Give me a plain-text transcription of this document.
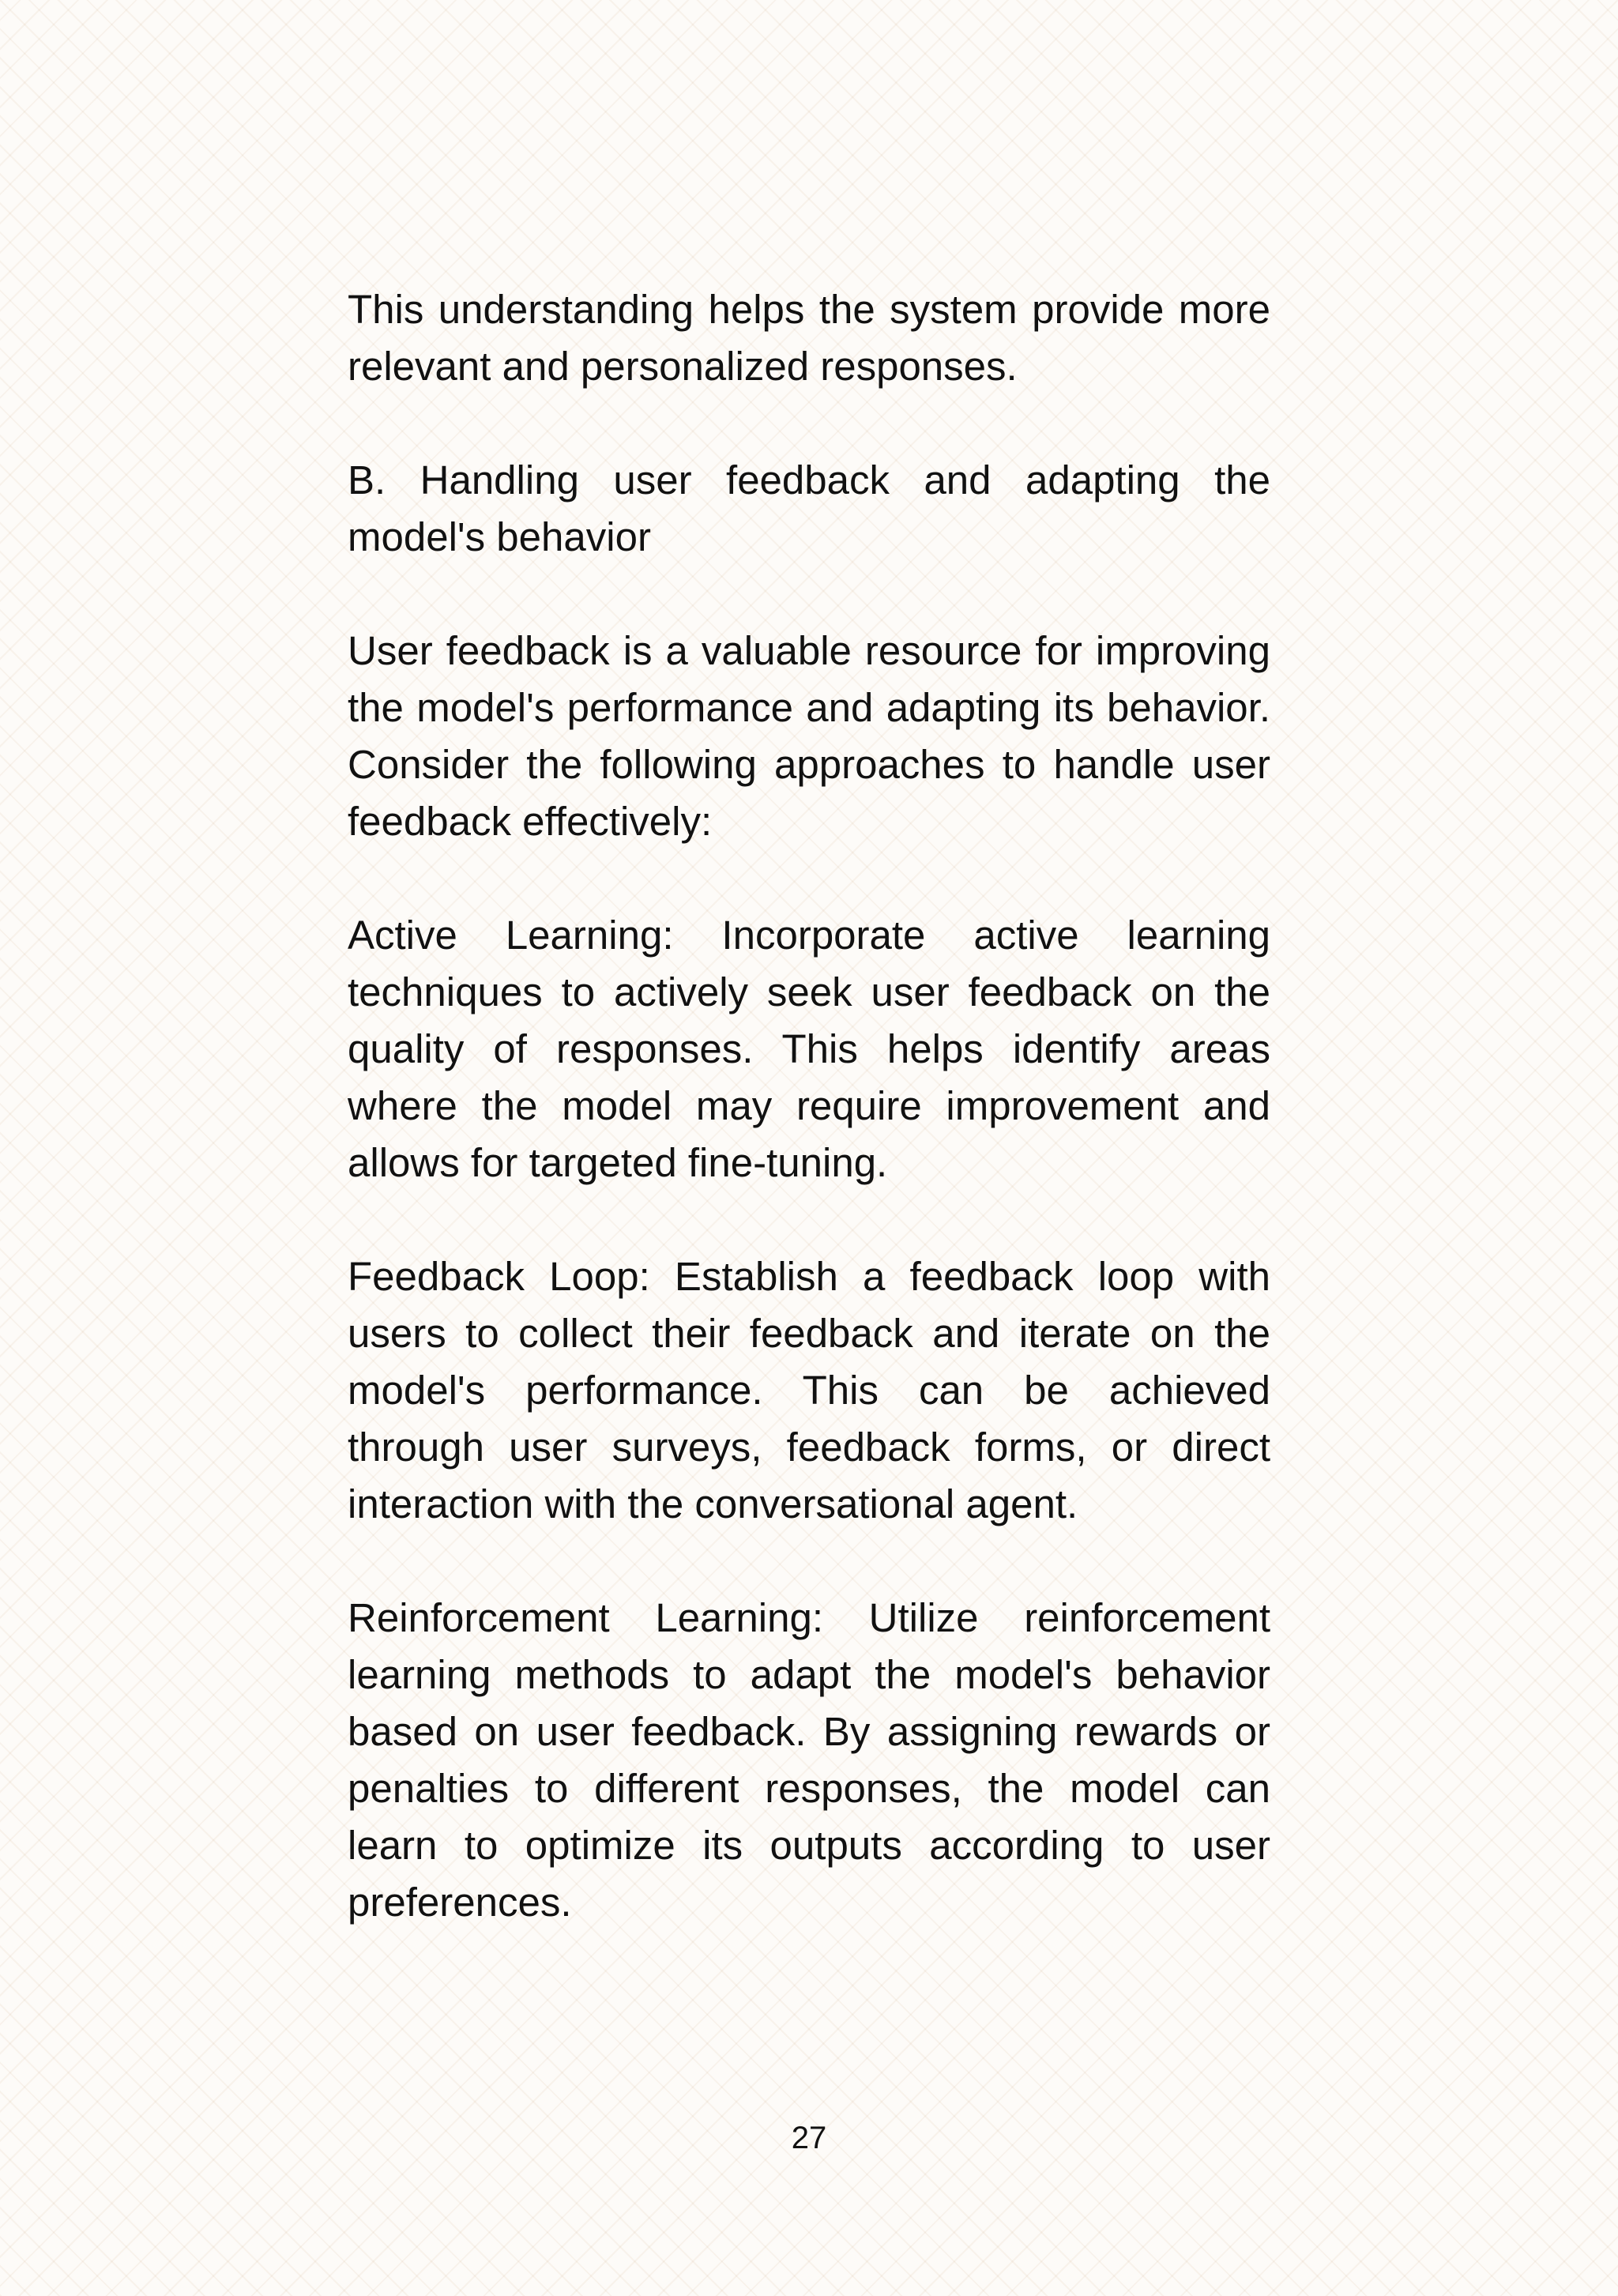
This understanding helps the system provide more relevant and personalized responses.

B. Handling user feedback and adapting the model's behavior

User feedback is a valuable resource for improving the model's performance and adapting its behavior. Consider the following approaches to handle user feedback effectively:

Active Learning: Incorporate active learning techniques to actively seek user feedback on the quality of responses. This helps identify areas where the model may require improvement and allows for targeted fine-tuning.

Feedback Loop: Establish a feedback loop with users to collect their feedback and iterate on the model's performance. This can be achieved through user surveys, feedback forms, or direct interaction with the conversational agent.

Reinforcement Learning: Utilize reinforcement learning methods to adapt the model's behavior based on user feedback. By assigning rewards or penalties to different responses, the model can learn to optimize its outputs according to user preferences.

27
